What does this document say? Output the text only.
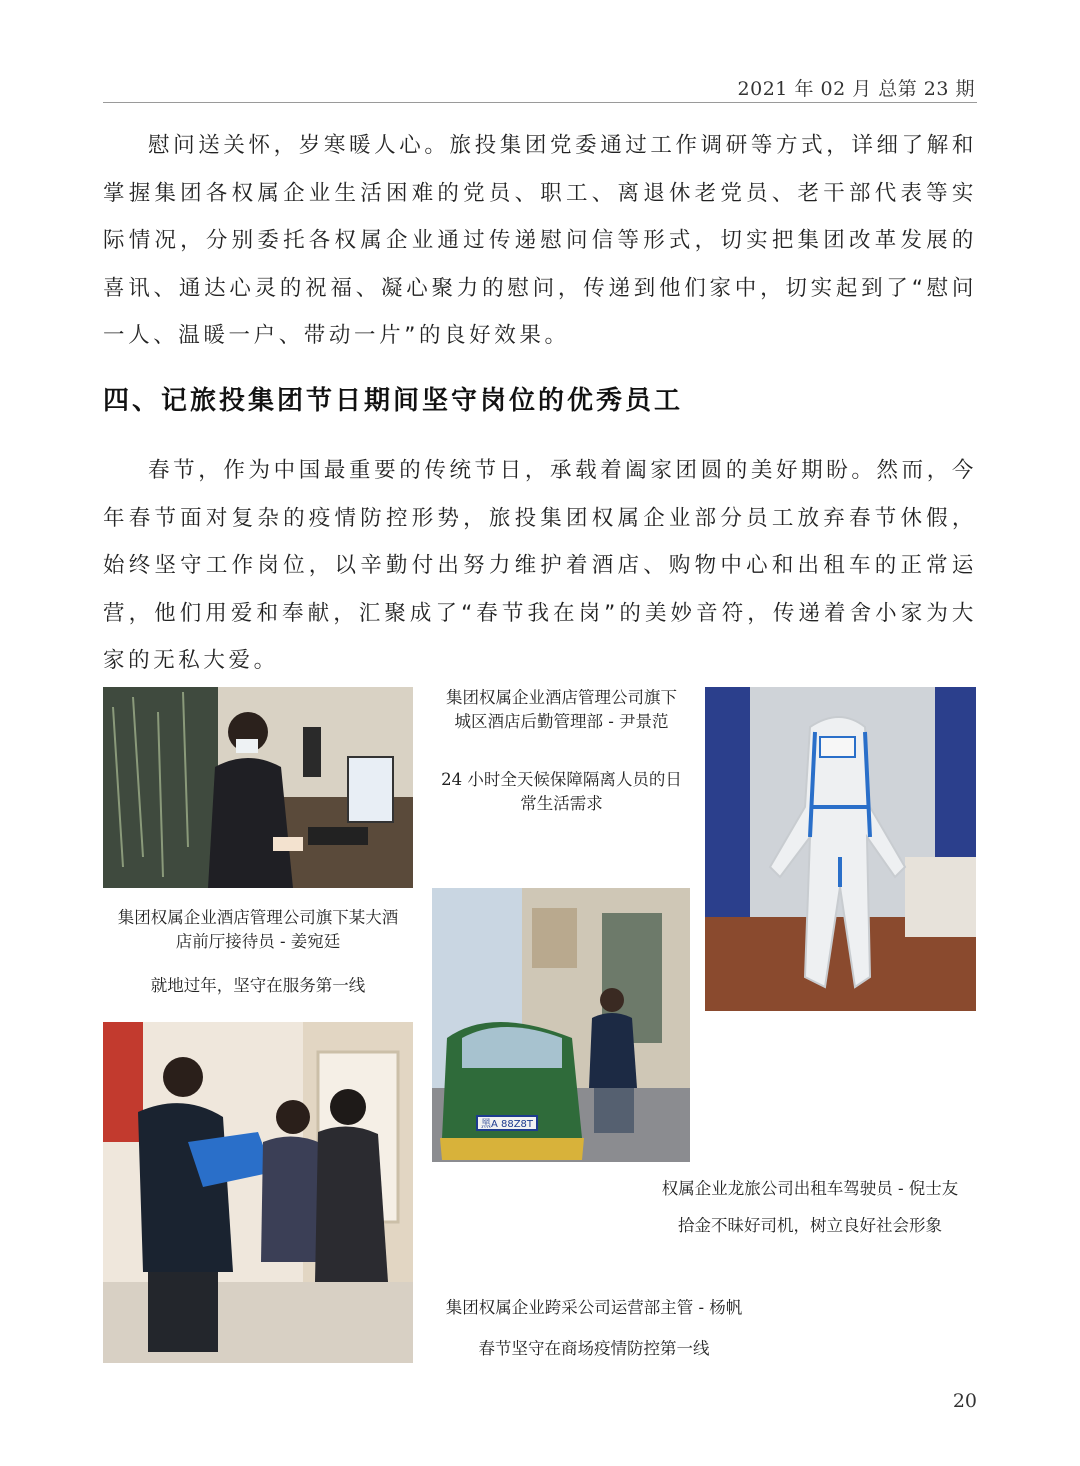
2021 年 02 月 总第 23 期

慰问送关怀，岁寒暖人心。旅投集团党委通过工作调研等方式，详细了解和掌握集团各权属企业生活困难的党员、职工、离退休老党员、老干部代表等实际情况，分别委托各权属企业通过传递慰问信等形式，切实把集团改革发展的喜讯、通达心灵的祝福、凝心聚力的慰问，传递到他们家中，切实起到了“慰问一人、温暖一户、带动一片”的良好效果。

四、记旅投集团节日期间坚守岗位的优秀员工

春节，作为中国最重要的传统节日，承载着阖家团圆的美好期盼。然而，今年春节面对复杂的疫情防控形势，旅投集团权属企业部分员工放弃春节休假，始终坚守工作岗位，以辛勤付出努力维护着酒店、购物中心和出租车的正常运营，他们用爱和奉献，汇聚成了“春节我在岗”的美妙音符，传递着舍小家为大家的无私大爱。

集团权属企业酒店管理公司旗下某大酒
店前厅接待员 - 姜宛廷

就地过年，坚守在服务第一线

集团权属企业酒店管理公司旗下
城区酒店后勤管理部 - 尹景范

24 小时全天候保障隔离人员的日
常生活需求

黑A 88Z8T

权属企业龙旅公司出租车驾驶员 - 倪士友

拾金不昧好司机，树立良好社会形象

集团权属企业跨采公司运营部主管 - 杨帆

春节坚守在商场疫情防控第一线

20
